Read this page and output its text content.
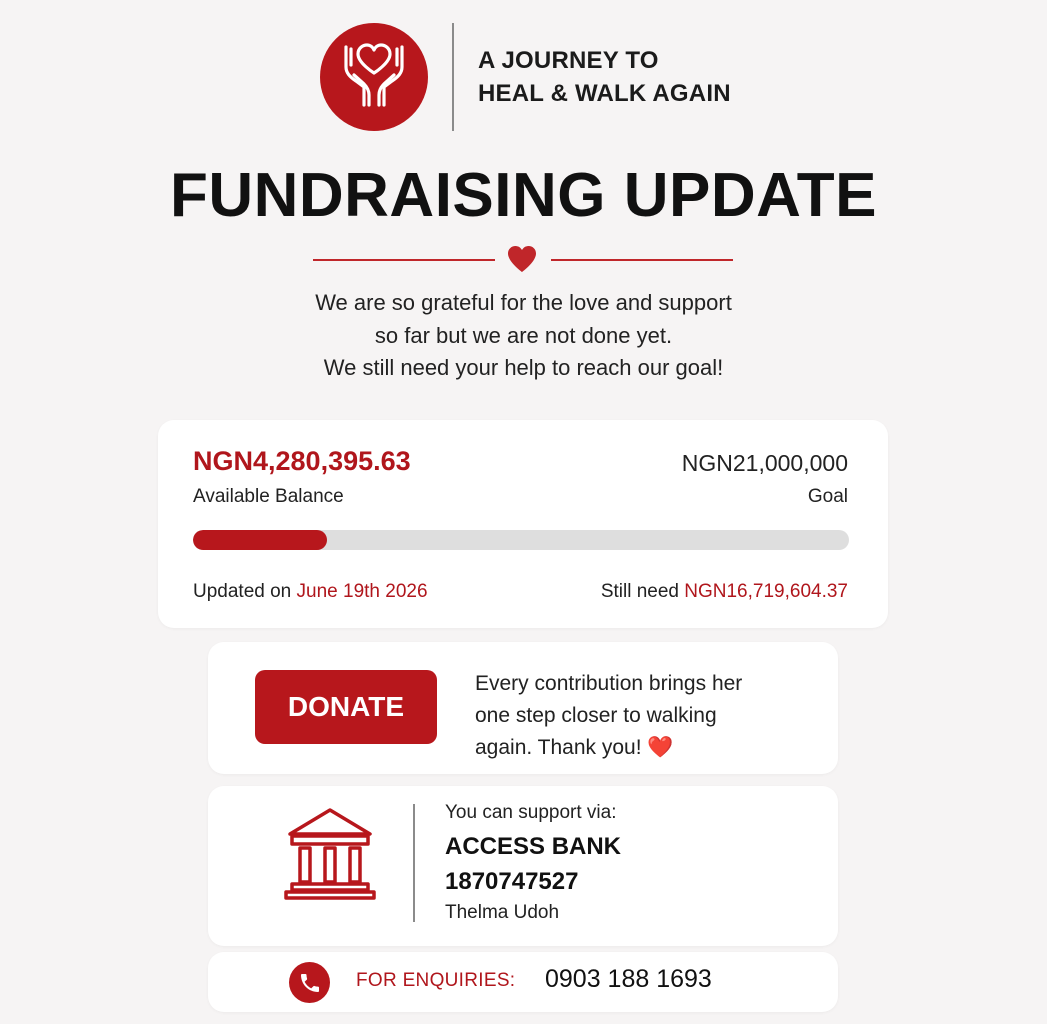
A JOURNEY TO
HEAL & WALK AGAIN
FUNDRAISING UPDATE
We are so grateful for the love and support
so far but we are not done yet.
We still need your help to reach our goal!
NGN4,280,395.63
Available Balance
NGN21,000,000
Goal
Updated on June 19th 2026	Still need NGN16,719,604.37
DONATE
Every contribution brings her
one step closer to walking
again. Thank you! ❤️
You can support via:
ACCESS BANK
1870747527
Thelma Udoh
FOR ENQUIRIES: 0903 188 1693
